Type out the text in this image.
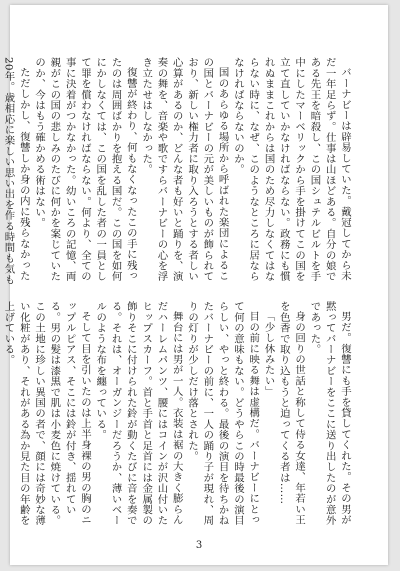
バーナビーは辟易していた。戴冠してから未だ一年足らず。仕事は山ほどある。自分の娘である先王を暗殺し、この国シュテルビルトを手中にしたマーベリックから手を掛けてこの国を立て直していかなければならない。政務にも慣れぬままこれからは国のため尽力しなくてはならない時に、なぜ、このようなところに居ならなければならないのか。

国のあらゆる場所から呼ばれた楽団によるこの国とバーナビーの元が美しいものが飾られており、新しい権力者に取り入ろうとする者しい心算があるのか、どんな者も好いと踊りを、演奏の舞を、音楽や歌ですらバーナビーの心を浮き立たせはしなかった。

復讐が終わり、何もなくなったこの手に残ったのは周囲ばかりを抱える国だ。この国を如何にかしなくては、この国を乱した者の一員として罪を償わなければならない。何より、全ての事に決着がつかなかった。幼いころの記憶、両親がこの国の悲しみのたびに何かを案じていたのか、今はもう確かめる術はない。

ただしかし、復讐しか身の内に残らなかった20年。歳相応に楽しい思い出を作る時間も気も

男だ。復讐にも手を貸してくれた。その男が黙ってバーナビーをここに送り出したのが意外であった。

身の回りの世話と称して侍る女達、年若い王を色香で取り込もうと迫ってくる者は……

「少し休みたい」

目の前に映る舞は虚構だ。バーナビーにとって何の意味もない。どうやらこの時最後の演目らしい、やっと終わる。最後の演目を待ちかねたバーナビーの前に、一人の踊り子が現れ、周りの灯りが少しだけ落とされた。

舞台には男が一人。衣装は裾の大きく膨らんだハーレムパンツ、腰にはコインが沢山付いたヒップスカーフ。首と手首と足首には金属製の飾りそこに付けられた鈴が動くたびに音を奏でる。それは、オーガンジーだろうか、薄いベールのような布を纏っている。

そして目を引いたのは上半身裸の男の胸のニップルピアス、そこには鈴が付き、揺れている。男の髪は漆黒で肌は小麦色に焼けている。この土地に珍しい異国の者で、顔には奇妙な薄い化粧があり、それがある為か見た目の年齢を上げている。

3
